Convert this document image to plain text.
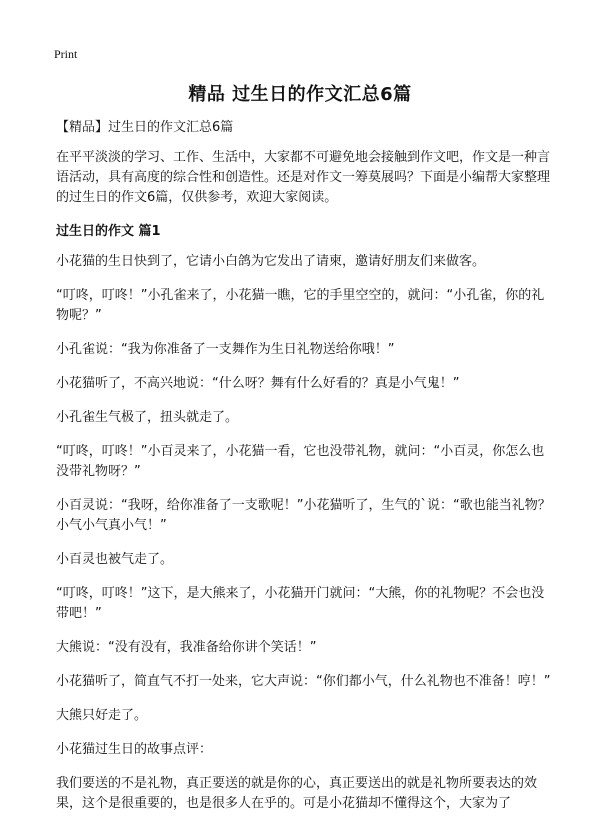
Print
精品 过生日的作文汇总6篇

【精品】过生日的作文汇总6篇

在平平淡淡的学习、工作、生活中，大家都不可避免地会接触到作文吧，作文是一种言语活动，具有高度的综合性和创造性。还是对作文一筹莫展吗？下面是小编帮大家整理的过生日的作文6篇，仅供参考，欢迎大家阅读。

过生日的作文 篇1

小花猫的生日快到了，它请小白鸽为它发出了请柬，邀请好朋友们来做客。

“叮咚，叮咚！”小孔雀来了，小花猫一瞧，它的手里空空的，就问：“小孔雀，你的礼物呢？”

小孔雀说：“我为你准备了一支舞作为生日礼物送给你哦！”

小花猫听了，不高兴地说：“什么呀？舞有什么好看的？真是小气鬼！”

小孔雀生气极了，扭头就走了。

“叮咚，叮咚！”小百灵来了，小花猫一看，它也没带礼物，就问：“小百灵，你怎么也没带礼物呀？”

小百灵说：“我呀，给你准备了一支歌呢！”小花猫听了，生气的`说：“歌也能当礼物？小气小气真小气！”

小百灵也被气走了。

“叮咚，叮咚！”这下，是大熊来了，小花猫开门就问：“大熊，你的礼物呢？不会也没带吧！”

大熊说：“没有没有，我准备给你讲个笑话！”

小花猫听了，简直气不打一处来，它大声说：“你们都小气，什么礼物也不准备！哼！”

大熊只好走了。

小花猫过生日的故事点评：

我们要送的不是礼物，真正要送的就是你的心，真正要送出的就是礼物所要表达的效果，这个是很重要的，也是很多人在乎的。可是小花猫却不懂得这个，大家为了
